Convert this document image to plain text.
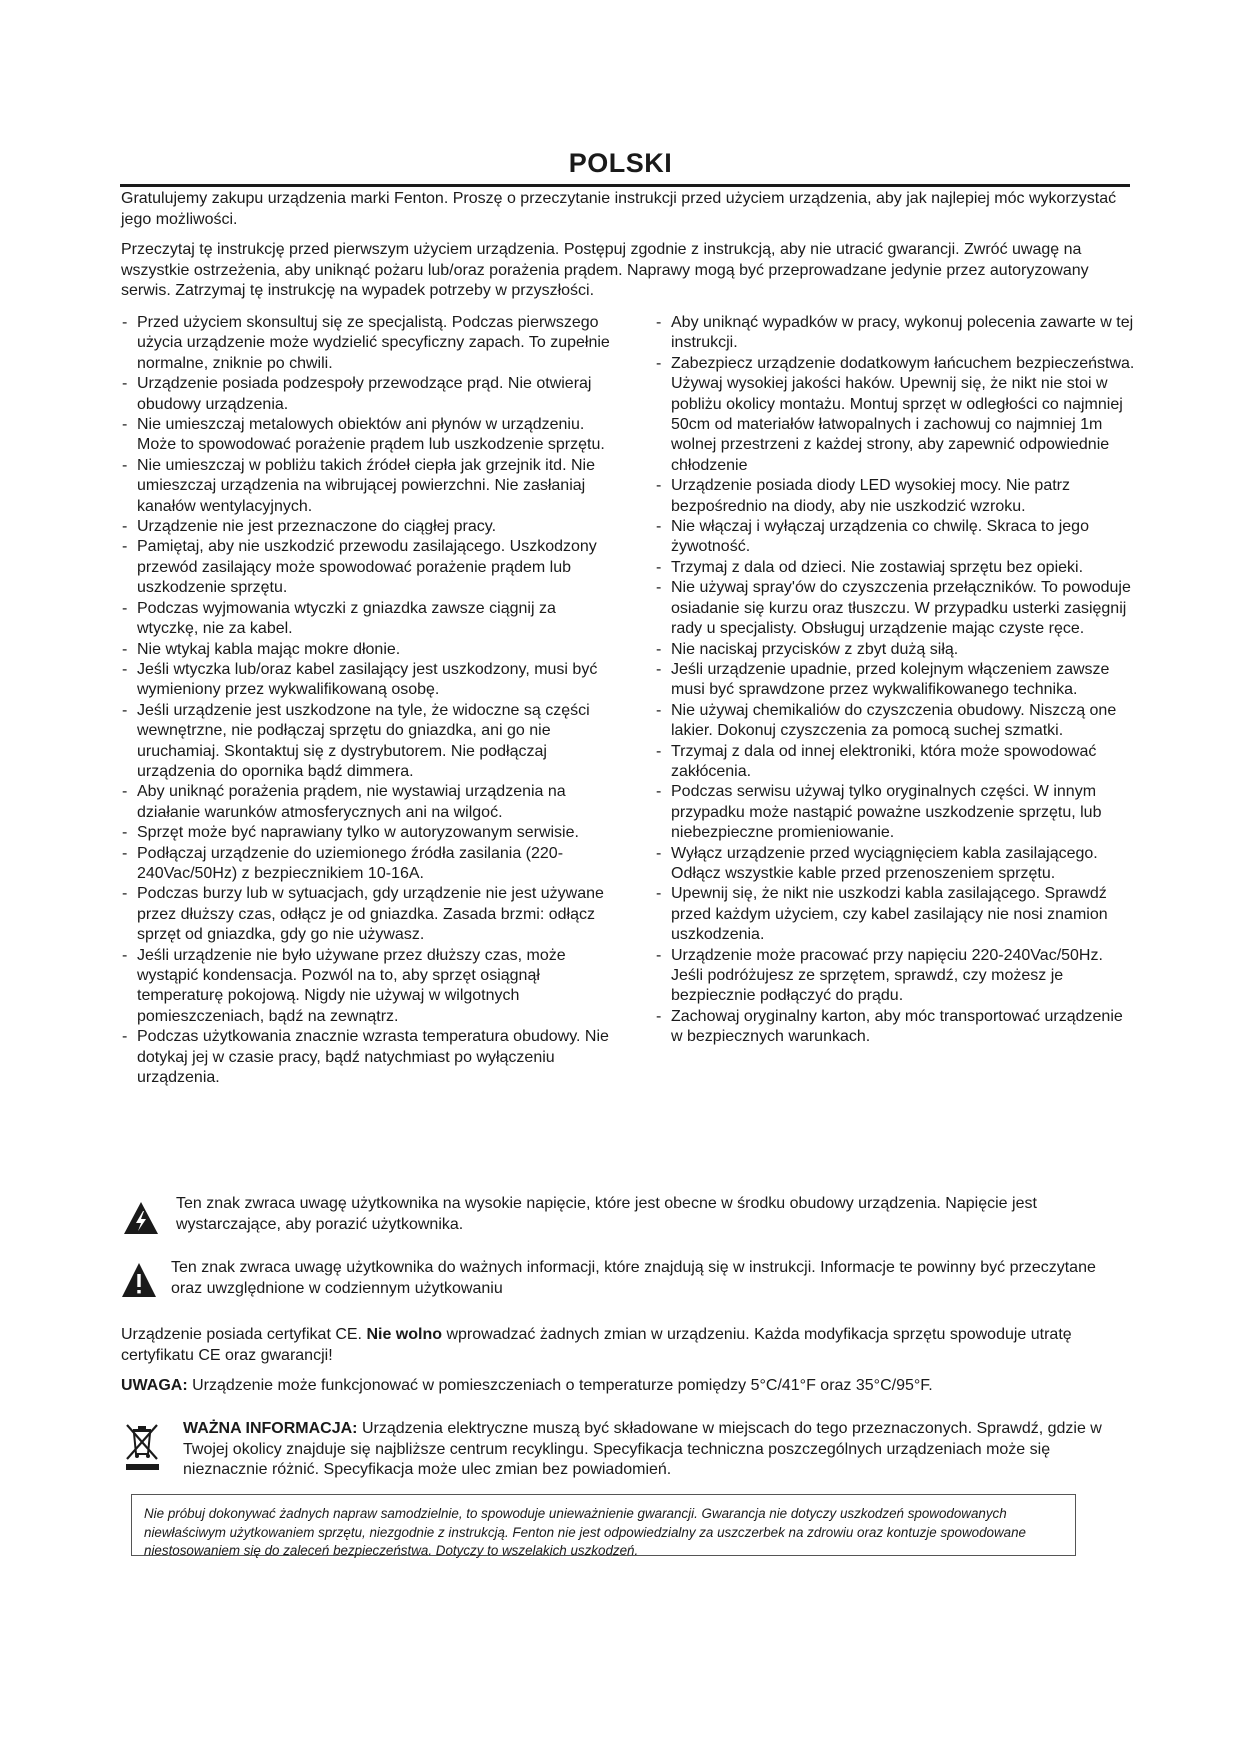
POLSKI

Gratulujemy zakupu urządzenia marki Fenton. Proszę o przeczytanie instrukcji przed użyciem urządzenia, aby jak najlepiej móc wykorzystać jego możliwości.

Przeczytaj tę instrukcję przed pierwszym użyciem urządzenia. Postępuj zgodnie z instrukcją, aby nie utracić gwarancji. Zwróć uwagę na wszystkie ostrzeżenia, aby uniknąć pożaru lub/oraz porażenia prądem. Naprawy mogą być przeprowadzane jedynie przez autoryzowany serwis. Zatrzymaj tę instrukcję na wypadek potrzeby w przyszłości.

- Przed użyciem skonsultuj się ze specjalistą. Podczas pierwszego użycia urządzenie może wydzielić specyficzny zapach. To zupełnie normalne, zniknie po chwili.
- Urządzenie posiada podzespoły przewodzące prąd. Nie otwieraj obudowy urządzenia.
- Nie umieszczaj metalowych obiektów ani płynów w urządzeniu. Może to spowodować porażenie prądem lub uszkodzenie sprzętu.
- Nie umieszczaj w pobliżu takich źródeł ciepła jak grzejnik itd. Nie umieszczaj urządzenia na wibrującej powierzchni. Nie zasłaniaj kanałów wentylacyjnych.
- Urządzenie nie jest przeznaczone do ciągłej pracy.
- Pamiętaj, aby nie uszkodzić przewodu zasilającego. Uszkodzony przewód zasilający może spowodować porażenie prądem lub uszkodzenie sprzętu.
- Podczas wyjmowania wtyczki z gniazdka zawsze ciągnij za wtyczkę, nie za kabel.
- Nie wtykaj kabla mając mokre dłonie.
- Jeśli wtyczka lub/oraz kabel zasilający jest uszkodzony, musi być wymieniony przez wykwalifikowaną osobę.
- Jeśli urządzenie jest uszkodzone na tyle, że widoczne są części wewnętrzne, nie podłączaj sprzętu do gniazdka, ani go nie uruchamiaj. Skontaktuj się z dystrybutorem. Nie podłączaj urządzenia do opornika bądź dimmera.
- Aby uniknąć porażenia prądem, nie wystawiaj urządzenia na działanie warunków atmosferycznych ani na wilgoć.
- Sprzęt może być naprawiany tylko w autoryzowanym serwisie.
- Podłączaj urządzenie do uziemionego źródła zasilania (220-240Vac/50Hz) z bezpiecznikiem 10-16A.
- Podczas burzy lub w sytuacjach, gdy urządzenie nie jest używane przez dłuższy czas, odłącz je od gniazdka. Zasada brzmi: odłącz sprzęt od gniazdka, gdy go nie używasz.
- Jeśli urządzenie nie było używane przez dłuższy czas, może wystąpić kondensacja. Pozwól na to, aby sprzęt osiągnął temperaturę pokojową. Nigdy nie używaj w wilgotnych pomieszczeniach, bądź na zewnątrz.
- Podczas użytkowania znacznie wzrasta temperatura obudowy. Nie dotykaj jej w czasie pracy, bądź natychmiast po wyłączeniu urządzenia.
- Aby uniknąć wypadków w pracy, wykonuj polecenia zawarte w tej instrukcji.
- Zabezpiecz urządzenie dodatkowym łańcuchem bezpieczeństwa. Używaj wysokiej jakości haków. Upewnij się, że nikt nie stoi w pobliżu okolicy montażu. Montuj sprzęt w odległości co najmniej 50cm od materiałów łatwopalnych i zachowuj co najmniej 1m wolnej przestrzeni z każdej strony, aby zapewnić odpowiednie chłodzenie
- Urządzenie posiada diody LED wysokiej mocy. Nie patrz bezpośrednio na diody, aby nie uszkodzić wzroku.
- Nie włączaj i wyłączaj urządzenia co chwilę. Skraca to jego żywotność.
- Trzymaj z dala od dzieci. Nie zostawiaj sprzętu bez opieki.
- Nie używaj spray'ów do czyszczenia przełączników. To powoduje osiadanie się kurzu oraz tłuszczu. W przypadku usterki zasięgnij rady u specjalisty. Obsługuj urządzenie mając czyste ręce.
- Nie naciskaj przycisków z zbyt dużą siłą.
- Jeśli urządzenie upadnie, przed kolejnym włączeniem zawsze musi być sprawdzone przez wykwalifikowanego technika.
- Nie używaj chemikaliów do czyszczenia obudowy. Niszczą one lakier. Dokonuj czyszczenia za pomocą suchej szmatki.
- Trzymaj z dala od innej elektroniki, która może spowodować zakłócenia.
- Podczas serwisu używaj tylko oryginalnych części. W innym przypadku może nastąpić poważne uszkodzenie sprzętu, lub niebezpieczne promieniowanie.
- Wyłącz urządzenie przed wyciągnięciem kabla zasilającego. Odłącz wszystkie kable przed przenoszeniem sprzętu.
- Upewnij się, że nikt nie uszkodzi kabla zasilającego. Sprawdź przed każdym użyciem, czy kabel zasilający nie nosi znamion uszkodzenia.
- Urządzenie może pracować przy napięciu 220-240Vac/50Hz. Jeśli podróżujesz ze sprzętem, sprawdź, czy możesz je bezpiecznie podłączyć do prądu.
- Zachowaj oryginalny karton, aby móc transportować urządzenie w bezpiecznych warunkach.
Ten znak zwraca uwagę użytkownika na wysokie napięcie, które jest obecne w środku obudowy urządzenia. Napięcie jest wystarczające, aby porazić użytkownika.
Ten znak zwraca uwagę użytkownika do ważnych informacji, które znajdują się w instrukcji. Informacje te powinny być przeczytane oraz uwzględnione w codziennym użytkowaniu

Urządzenie posiada certyfikat CE. Nie wolno wprowadzać żadnych zmian w urządzeniu. Każda modyfikacja sprzętu spowoduje utratę certyfikatu CE oraz gwarancji!

UWAGA: Urządzenie może funkcjonować w pomieszczeniach o temperaturze pomiędzy 5°C/41°F oraz 35°C/95°F.

WAŻNA INFORMACJA: Urządzenia elektryczne muszą być składowane w miejscach do tego przeznaczonych. Sprawdź, gdzie w Twojej okolicy znajduje się najbliższe centrum recyklingu. Specyfikacja techniczna poszczególnych urządzeniach może się nieznacznie różnić. Specyfikacja może ulec zmian bez powiadomień.
Nie próbuj dokonywać żadnych napraw samodzielnie, to spowoduje unieważnienie gwarancji. Gwarancja nie dotyczy uszkodzeń spowodowanych niewłaściwym użytkowaniem sprzętu, niezgodnie z instrukcją. Fenton nie jest odpowiedzialny za uszczerbek na zdrowiu oraz kontuzje spowodowane niestosowaniem się do zaleceń bezpieczeństwa. Dotyczy to wszelakich uszkodzeń.
